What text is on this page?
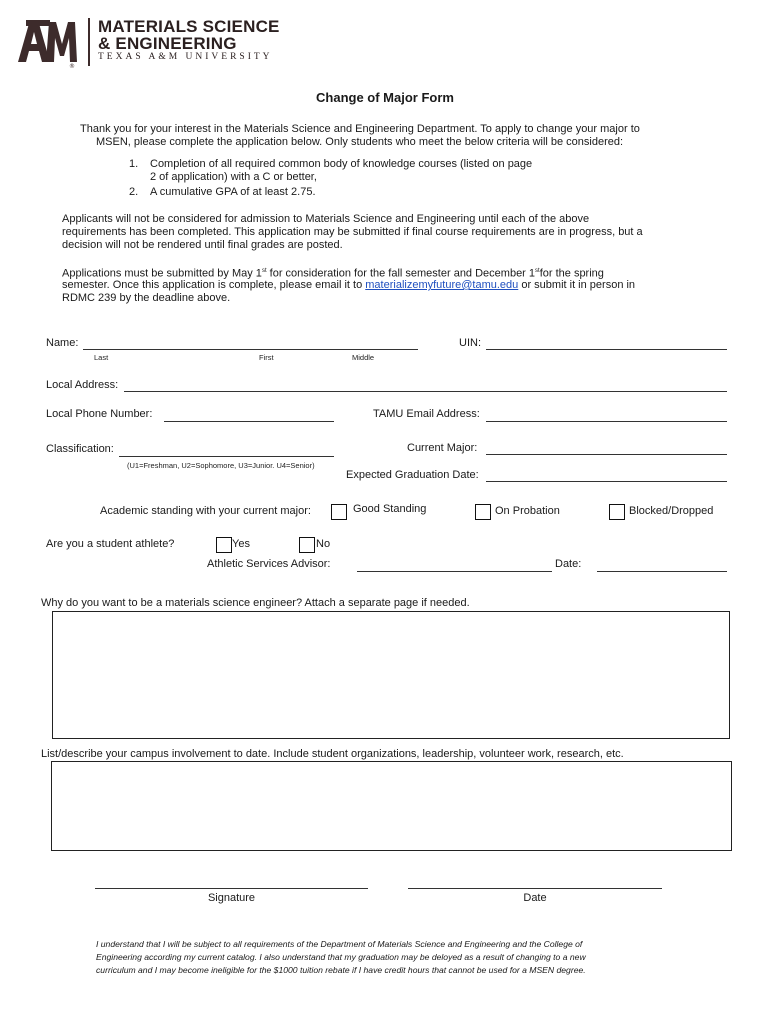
®
MATERIALS SCIENCE
& ENGINEERING
TEXAS A&M UNIVERSITY
Change of Major Form
Thank you for your interest in the Materials Science and Engineering Department. To apply to change your major to
MSEN, please complete the application below. Only students who meet the below criteria will be considered:
1. Completion of all required common body of knowledge courses (listed on page
2 of application) with a C or better,
2. A cumulative GPA of at least 2.75.
Applicants will not be considered for admission to Materials Science and Engineering until each of the above
requirements has been completed. This application may be submitted if final course requirements are in progress, but a
decision will not be rendered until final grades are posted.
Applications must be submitted by May 1st for consideration for the fall semester and December 1stfor the spring
semester. Once this application is complete, please email it to materializemyfuture@tamu.edu or submit it in person in
RDMC 239 by the deadline above.
Name:
Last	First	Middle
UIN:
Local Address:
Local Phone Number:	TAMU Email Address:
Classification:
(U1=Freshman, U2=Sophomore, U3=Junior. U4=Senior)
Current Major:
Expected Graduation Date:
Academic standing with your current major:	Good Standing	On Probation	Blocked/Dropped
Are you a student athlete?	Yes	No
Athletic Services Advisor:	Date:
Why do you want to be a materials science engineer? Attach a separate page if needed.
List/describe your campus involvement to date. Include student organizations, leadership, volunteer work, research, etc.
Signature	Date
I understand that I will be subject to all requirements of the Department of Materials Science and Engineering and the College of
Engineering according my current catalog. I also understand that my graduation may be deloyed as a result of changing to a new
curriculum and I may become ineligible for the $1000 tuition rebate if I have credit hours that cannot be used for a MSEN degree.
